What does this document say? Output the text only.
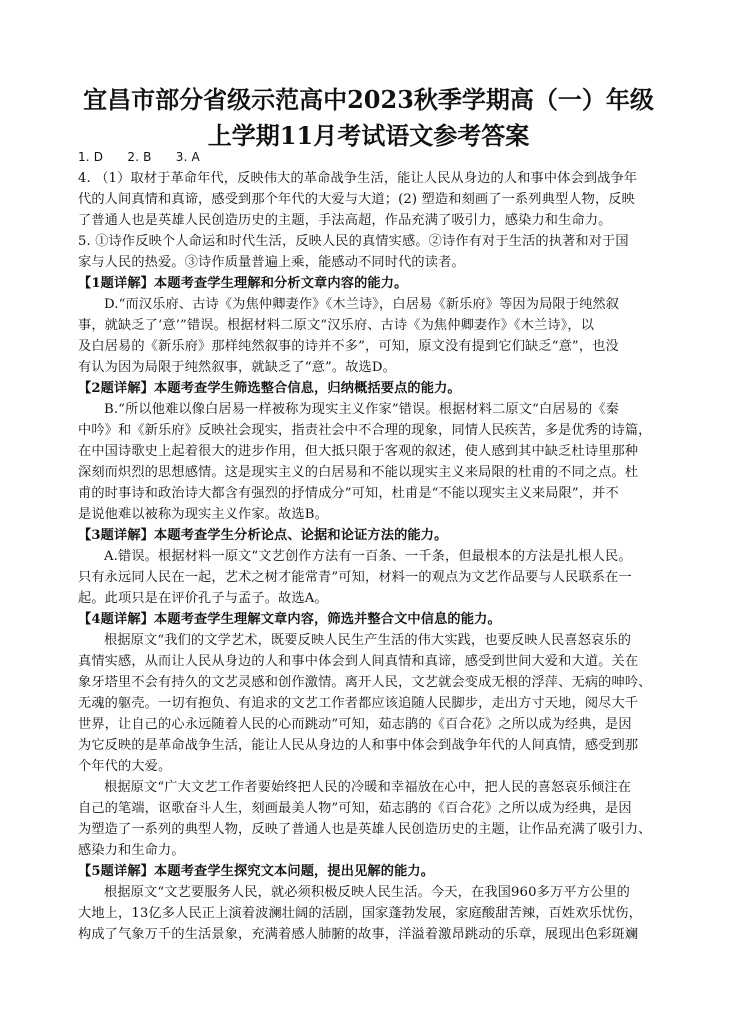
宜昌市部分省级示范高中2023秋季学期高（一）年级
上学期11月考试语文参考答案
1. D　　2. B　　3. A
4. （1）取材于革命年代，反映伟大的革命战争生活，能让人民从身边的人和事中体会到战争年
代的人间真情和真谛，感受到那个年代的大爱与大道；(2) 塑造和刻画了一系列典型人物，反映
了普通人也是英雄人民创造历史的主题，手法高超，作品充满了吸引力，感染力和生命力。
5. ①诗作反映个人命运和时代生活，反映人民的真情实感。②诗作有对于生活的执著和对于国
家与人民的热爱。③诗作质量普遍上乘，能感动不同时代的读者。
【1题详解】本题考查学生理解和分析文章内容的能力。
D.“而汉乐府、古诗《为焦仲卿妻作》《木兰诗》，白居易《新乐府》等因为局限于纯然叙
事，就缺乏了‘意’”错误。根据材料二原文“汉乐府、古诗《为焦仲卿妻作》《木兰诗》，以
及白居易的《新乐府》那样纯然叙事的诗并不多”，可知，原文没有提到它们缺乏“意”，也没
有认为因为局限于纯然叙事，就缺乏了“意”。故选D。
【2题详解】本题考查学生筛选整合信息，归纳概括要点的能力。
B.“所以他难以像白居易一样被称为现实主义作家”错误。根据材料二原文“白居易的《秦
中吟》和《新乐府》反映社会现实，指责社会中不合理的现象，同情人民疾苦，多是优秀的诗篇，
在中国诗歌史上起着很大的进步作用，但大抵只限于客观的叙述，使人感到其中缺乏杜诗里那种
深刻而炽烈的思想感情。这是现实主义的白居易和不能以现实主义来局限的杜甫的不同之点。杜
甫的时事诗和政治诗大都含有强烈的抒情成分”可知，杜甫是“不能以现实主义来局限”，并不
是说他难以被称为现实主义作家。故选B。
【3题详解】本题考查学生分析论点、论据和论证方法的能力。
A.错误。根据材料一原文“文艺创作方法有一百条、一千条，但最根本的方法是扎根人民。
只有永远同人民在一起，艺术之树才能常青”可知，材料一的观点为文艺作品要与人民联系在一
起。此项只是在评价孔子与孟子。故选A。
【4题详解】本题考查学生理解文章内容，筛选并整合文中信息的能力。
根据原文“我们的文学艺术，既要反映人民生产生活的伟大实践，也要反映人民喜怒哀乐的
真情实感，从而让人民从身边的人和事中体会到人间真情和真谛，感受到世间大爱和大道。关在
象牙塔里不会有持久的文艺灵感和创作激情。离开人民，文艺就会变成无根的浮萍、无病的呻吟、
无魂的躯壳。一切有抱负、有追求的文艺工作者都应该追随人民脚步，走出方寸天地，阅尽大千
世界，让自己的心永远随着人民的心而跳动”可知，茹志鹃的《百合花》之所以成为经典，是因
为它反映的是革命战争生活，能让人民从身边的人和事中体会到战争年代的人间真情，感受到那
个年代的大爱。
根据原文“广大文艺工作者要始终把人民的冷暖和幸福放在心中，把人民的喜怒哀乐倾注在
自己的笔端，讴歌奋斗人生，刻画最美人物”可知，茹志鹃的《百合花》之所以成为经典，是因
为塑造了一系列的典型人物，反映了普通人也是英雄人民创造历史的主题，让作品充满了吸引力、
感染力和生命力。
【5题详解】本题考查学生探究文本问题，提出见解的能力。
根据原文“文艺要服务人民，就必须积极反映人民生活。今天，在我国960多万平方公里的
大地上，13亿多人民正上演着波澜壮阔的活剧，国家蓬勃发展，家庭酸甜苦辣，百姓欢乐忧伤，
构成了气象万千的生活景象，充满着感人肺腑的故事，洋溢着激昂跳动的乐章，展现出色彩斑斓
